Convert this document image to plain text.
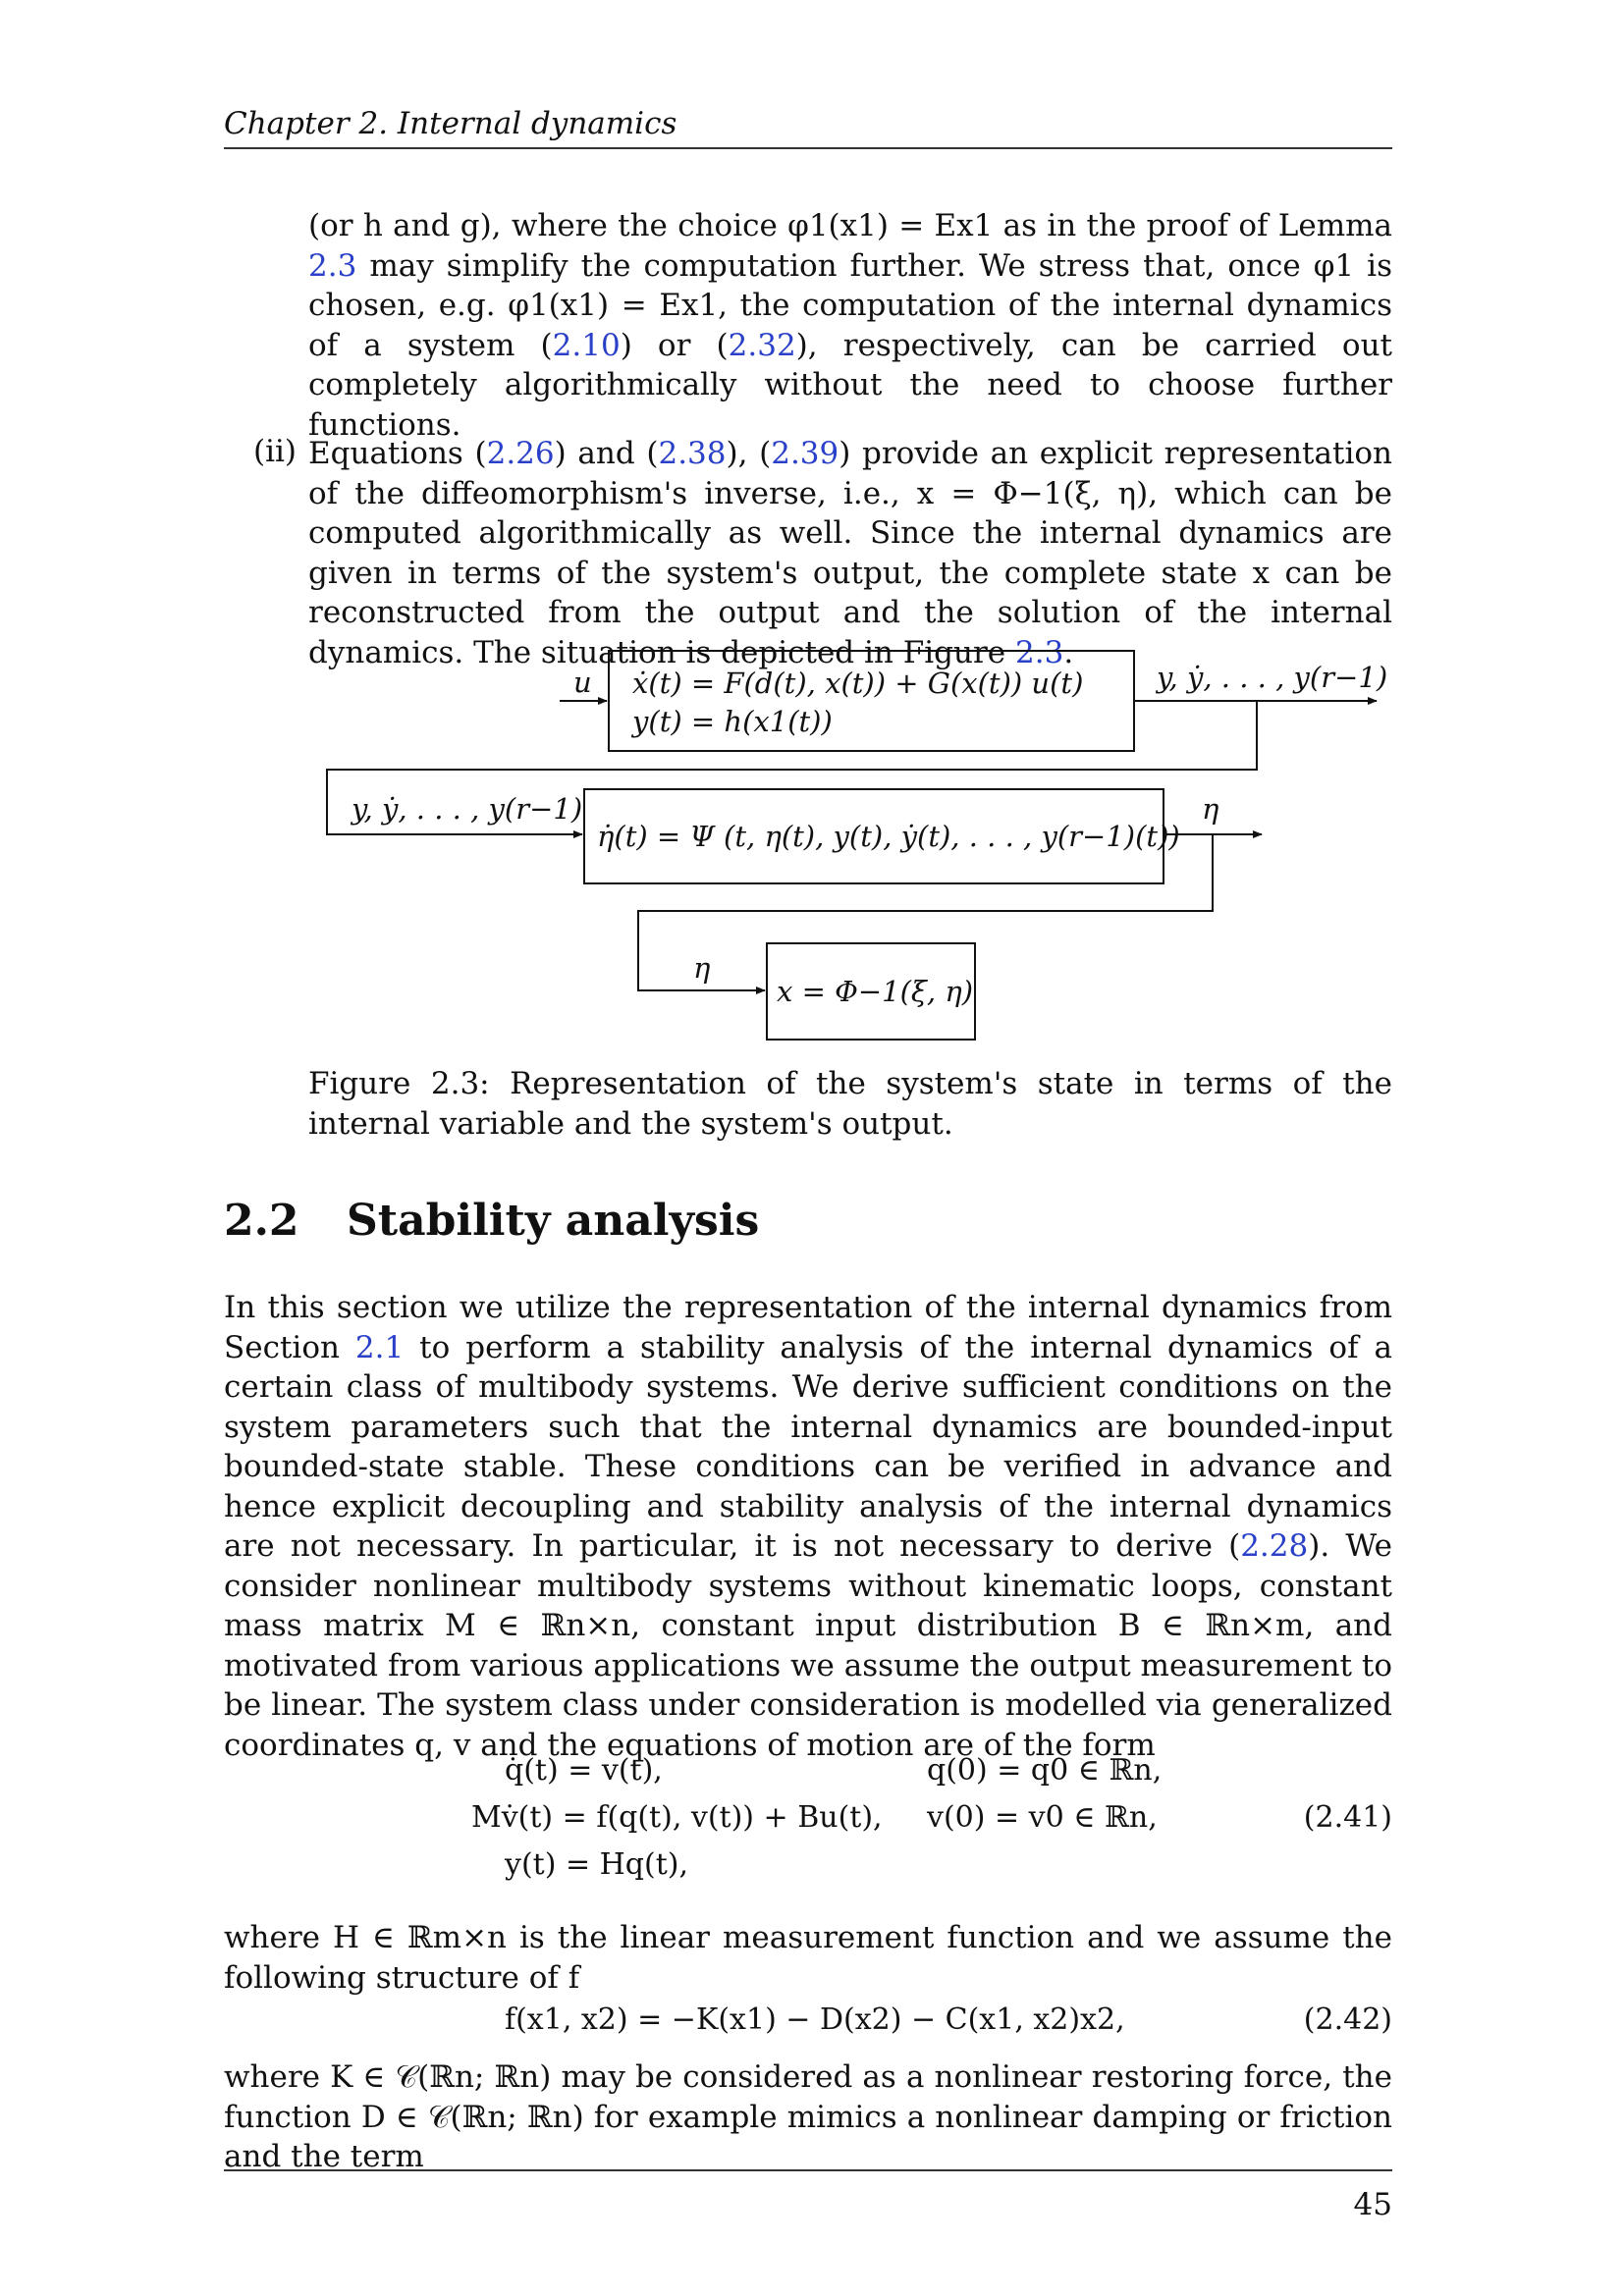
Chapter 2. Internal dynamics
(or h and g), where the choice φ1(x1) = Ex1 as in the proof of Lemma 2.3 may simplify the computation further. We stress that, once φ1 is chosen, e.g. φ1(x1) = Ex1, the computation of the internal dynamics of a system (2.10) or (2.32), respectively, can be carried out completely algorithmically without the need to choose further functions.
(ii) Equations (2.26) and (2.38), (2.39) provide an explicit representation of the diffeomorphism's inverse, i.e., x = Φ−1(ξ, η), which can be computed algorithmically as well. Since the internal dynamics are given in terms of the system's output, the complete state x can be reconstructed from the output and the solution of the internal dynamics. The situation is depicted in Figure 2.3.
u ẋ(t) = F(d(t), x(t)) + G(x(t)) u(t)
y(t) = h(x1(t))
y, ẏ, . . . , y(r−1)
y, ẏ, . . . , y(r−1)
η̇(t) = Ψ (t, η(t), y(t), ẏ(t), . . . , y(r−1)(t))
η
η
x = Φ−1(ξ, η)
Figure 2.3: Representation of the system's state in terms of the internal variable and the system's output.
2.2 Stability analysis
In this section we utilize the representation of the internal dynamics from Section 2.1 to perform a stability analysis of the internal dynamics of a certain class of multibody systems. We derive sufficient conditions on the system parameters such that the internal dynamics are bounded-input bounded-state stable. These conditions can be verified in advance and hence explicit decoupling and stability analysis of the internal dynamics are not necessary. In particular, it is not necessary to derive (2.28). We consider nonlinear multibody systems without kinematic loops, constant mass matrix M ∈ ℝn×n, constant input distribution B ∈ ℝn×m, and motivated from various applications we assume the output measurement to be linear. The system class under consideration is modelled via generalized coordinates q, v and the equations of motion are of the form
q̇(t) = v(t),	q(0) = q0 ∈ ℝn,
Mv̇(t) = f(q(t), v(t)) + Bu(t), v(0) = v0 ∈ ℝn,
y(t) = Hq(t),
(2.41)
where H ∈ ℝm×n is the linear measurement function and we assume the following structure of f
f(x1, x2) = −K(x1) − D(x2) − C(x1, x2)x2,	(2.42)
where K ∈ 𝒞(ℝn; ℝn) may be considered as a nonlinear restoring force, the function D ∈ 𝒞(ℝn; ℝn) for example mimics a nonlinear damping or friction and the term
45
